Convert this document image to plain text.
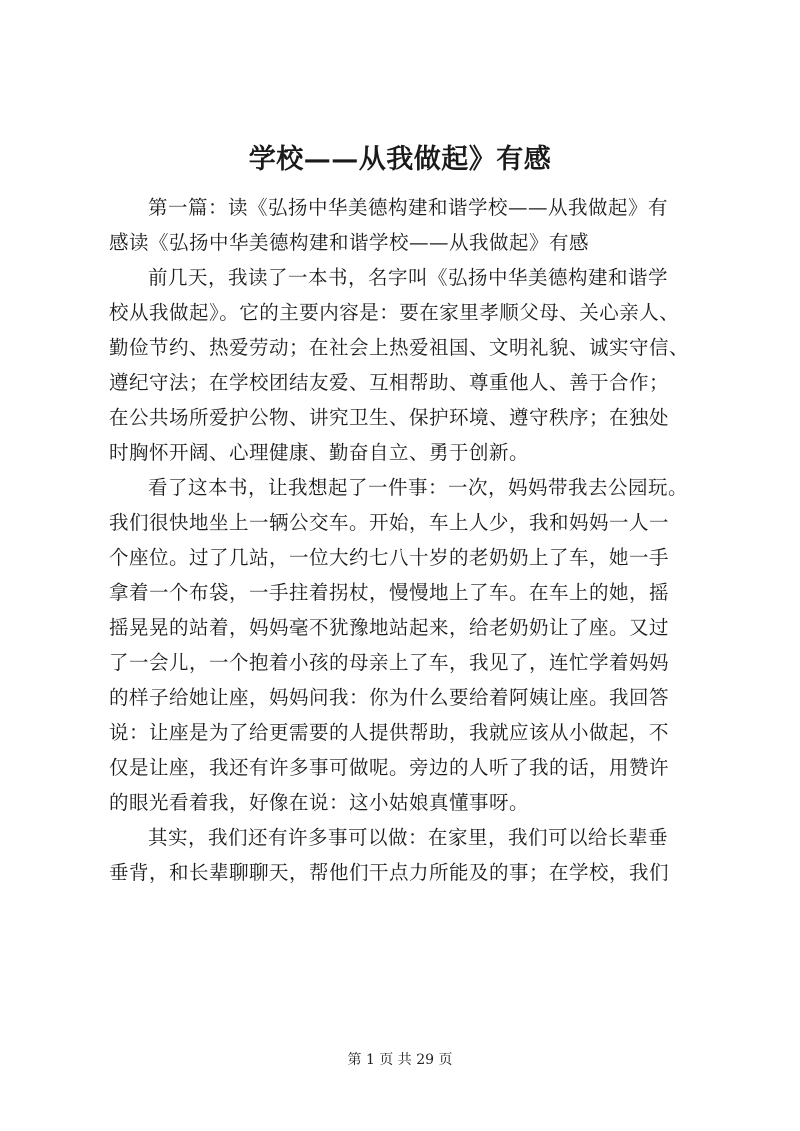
学校——从我做起》有感

第一篇：读《弘扬中华美德构建和谐学校——从我做起》有
感读《弘扬中华美德构建和谐学校——从我做起》有感

前几天，我读了一本书，名字叫《弘扬中华美德构建和谐学
校从我做起》。它的主要内容是：要在家里孝顺父母、关心亲人、
勤俭节约、热爱劳动；在社会上热爱祖国、文明礼貌、诚实守信、
遵纪守法；在学校团结友爱、互相帮助、尊重他人、善于合作；
在公共场所爱护公物、讲究卫生、保护环境、遵守秩序；在独处
时胸怀开阔、心理健康、勤奋自立、勇于创新。

看了这本书，让我想起了一件事：一次，妈妈带我去公园玩。
我们很快地坐上一辆公交车。开始，车上人少，我和妈妈一人一
个座位。过了几站，一位大约七八十岁的老奶奶上了车，她一手
拿着一个布袋，一手拄着拐杖，慢慢地上了车。在车上的她，摇
摇晃晃的站着，妈妈毫不犹豫地站起来，给老奶奶让了座。又过
了一会儿，一个抱着小孩的母亲上了车，我见了，连忙学着妈妈
的样子给她让座，妈妈问我：你为什么要给着阿姨让座。我回答
说：让座是为了给更需要的人提供帮助，我就应该从小做起，不
仅是让座，我还有许多事可做呢。旁边的人听了我的话，用赞许
的眼光看着我，好像在说：这小姑娘真懂事呀。

其实，我们还有许多事可以做：在家里，我们可以给长辈垂
垂背，和长辈聊聊天，帮他们干点力所能及的事；在学校，我们

第 1 页 共 29 页
